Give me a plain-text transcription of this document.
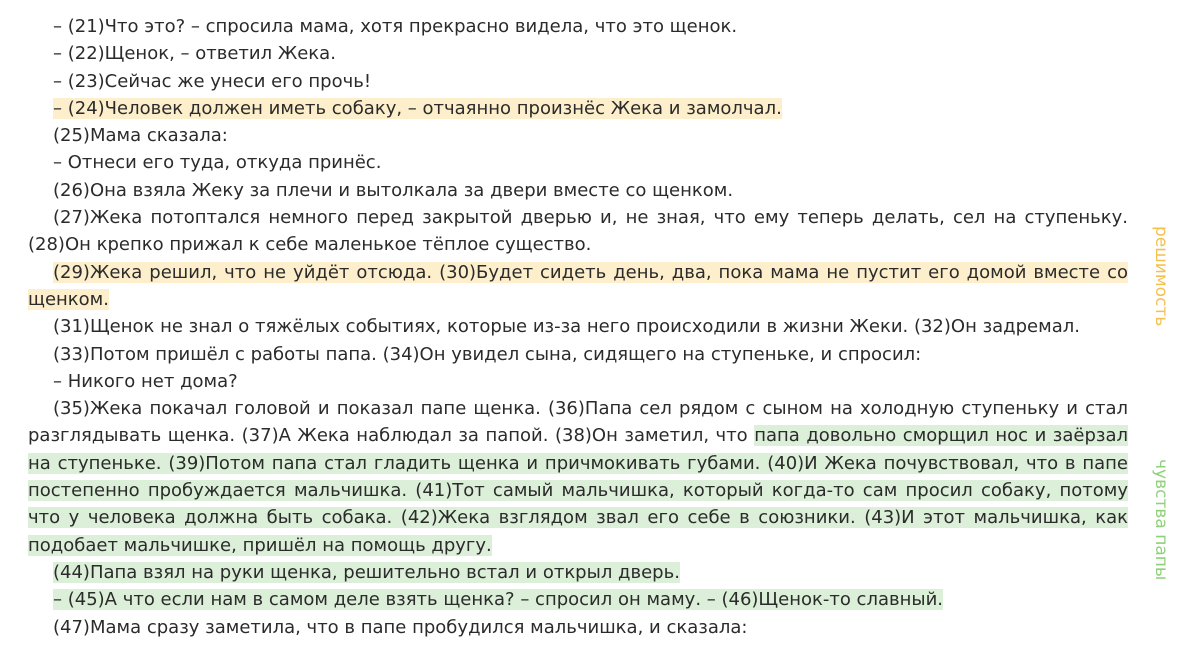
– (21)Что это? – спросила мама, хотя прекрасно видела, что это щенок.

– (22)Щенок, – ответил Жека.

– (23)Сейчас же унеси его прочь!

– (24)Человек должен иметь собаку, – отчаянно произнёс Жека и замолчал.

(25)Мама сказала:

– Отнеси его туда, откуда принёс.

(26)Она взяла Жеку за плечи и вытолкала за двери вместе со щенком.

(27)Жека потоптался немного перед закрытой дверью и, не зная, что ему теперь делать, сел на ступеньку. (28)Он крепко прижал к себе маленькое тёплое существо.

(29)Жека решил, что не уйдёт отсюда. (30)Будет сидеть день, два, пока мама не пустит его домой вместе со щенком.

(31)Щенок не знал о тяжёлых событиях, которые из-за него происходили в жизни Жеки. (32)Он задремал.

(33)Потом пришёл с работы папа. (34)Он увидел сына, сидящего на ступеньке, и спросил:

– Никого нет дома?

(35)Жека покачал головой и показал папе щенка. (36)Папа сел рядом с сыном на холодную ступеньку и стал разглядывать щенка. (37)А Жека наблюдал за папой. (38)Он заметил, что папа довольно сморщил нос и заёрзал на ступеньке. (39)Потом папа стал гладить щенка и причмокивать губами. (40)И Жека почувствовал, что в папе постепенно пробуждается мальчишка. (41)Тот самый мальчишка, который когда-то сам просил собаку, потому что у человека должна быть собака. (42)Жека взглядом звал его себе в союзники. (43)И этот мальчишка, как подобает мальчишке, пришёл на помощь другу.

(44)Папа взял на руки щенка, решительно встал и открыл дверь.

– (45)А что если нам в самом деле взять щенка? – спросил он маму. – (46)Щенок-то славный.

(47)Мама сразу заметила, что в папе пробудился мальчишка, и сказала:

решимость
чувства папы
